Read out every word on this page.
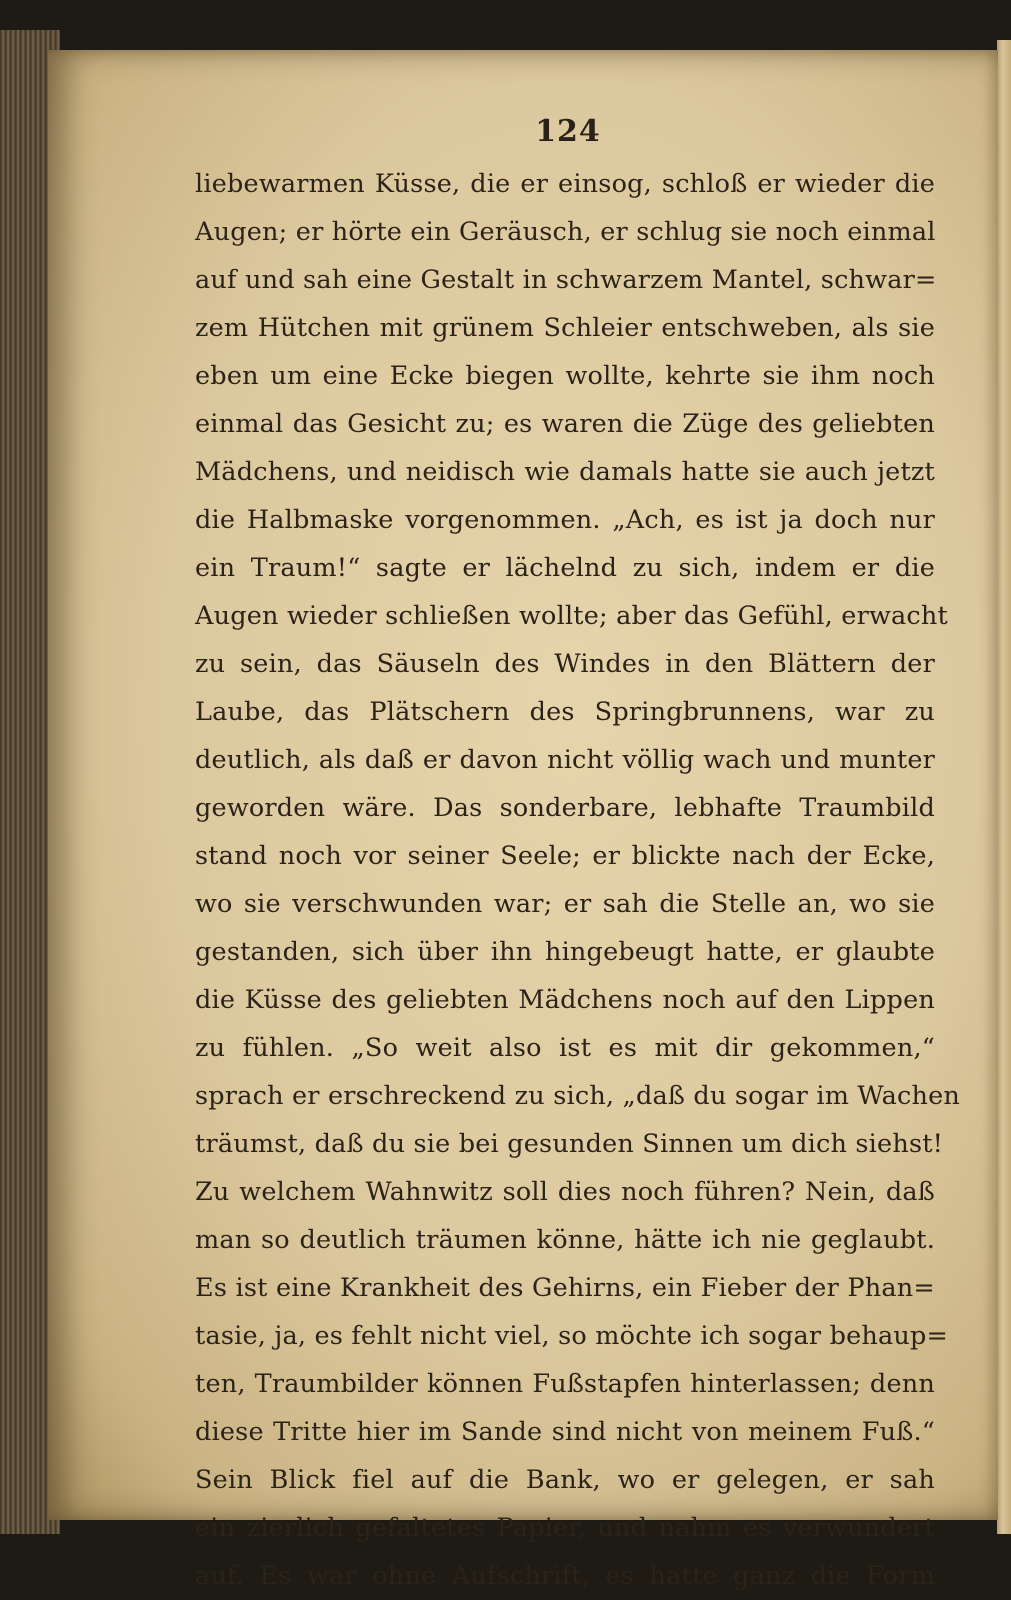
124
liebewarmen Küsse, die er einsog, schloß er wieder die
Augen; er hörte ein Geräusch, er schlug sie noch einmal
auf und sah eine Gestalt in schwarzem Mantel, schwar=
zem Hütchen mit grünem Schleier entschweben, als sie
eben um eine Ecke biegen wollte, kehrte sie ihm noch
einmal das Gesicht zu; es waren die Züge des geliebten
Mädchens, und neidisch wie damals hatte sie auch jetzt
die Halbmaske vorgenommen. „Ach, es ist ja doch nur
ein Traum!“ sagte er lächelnd zu sich, indem er die
Augen wieder schließen wollte; aber das Gefühl, erwacht
zu sein, das Säuseln des Windes in den Blättern der
Laube, das Plätschern des Springbrunnens, war zu
deutlich, als daß er davon nicht völlig wach und munter
geworden wäre. Das sonderbare, lebhafte Traumbild
stand noch vor seiner Seele; er blickte nach der Ecke,
wo sie verschwunden war; er sah die Stelle an, wo sie
gestanden, sich über ihn hingebeugt hatte, er glaubte
die Küsse des geliebten Mädchens noch auf den Lippen
zu fühlen. „So weit also ist es mit dir gekommen,“
sprach er erschreckend zu sich, „daß du sogar im Wachen
träumst, daß du sie bei gesunden Sinnen um dich siehst!
Zu welchem Wahnwitz soll dies noch führen? Nein, daß
man so deutlich träumen könne, hätte ich nie geglaubt.
Es ist eine Krankheit des Gehirns, ein Fieber der Phan=
tasie, ja, es fehlt nicht viel, so möchte ich sogar behaup=
ten, Traumbilder können Fußstapfen hinterlassen; denn
diese Tritte hier im Sande sind nicht von meinem Fuß.“
Sein Blick fiel auf die Bank, wo er gelegen, er sah
ein zierlich gefaltetes Papier, und nahm es verwundert
auf. Es war ohne Aufschrift, es hatte ganz die Form
